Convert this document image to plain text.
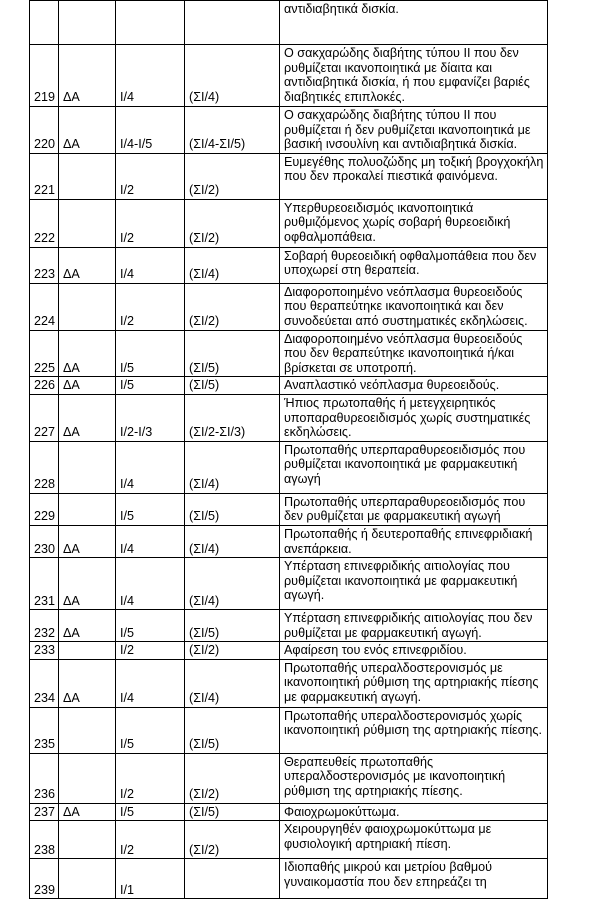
				αντιδιαβητικά δισκία.
219	ΔΑ	Ι/4	(ΣΙ/4)	Ο σακχαρώδης διαβήτης τύπου ΙΙ που δεν ρυθμίζεται ικανοποιητικά με δίαιτα και αντιδιαβητικά δισκία, ή που εμφανίζει βαριές διαβητικές επιπλοκές.
220	ΔΑ	Ι/4-Ι/5	(ΣΙ/4-ΣΙ/5)	Ο σακχαρώδης διαβήτης τύπου ΙΙ που ρυθμίζεται ή δεν ρυθμίζεται ικανοποιητικά με βασική ινσουλίνη και αντιδιαβητικά δισκία.
221		Ι/2	(ΣΙ/2)	Ευμεγέθης πολυοζώδης μη τοξική βρογχοκήλη που δεν προκαλεί πιεστικά φαινόμενα.
222		Ι/2	(ΣΙ/2)	Υπερθυρεοειδισμός ικανοποιητικά ρυθμιζόμενος χωρίς σοβαρή θυρεοειδική οφθαλμοπάθεια.
223	ΔΑ	Ι/4	(ΣΙ/4)	Σοβαρή θυρεοειδική οφθαλμοπάθεια που δεν υποχωρεί στη θεραπεία.
224		Ι/2	(ΣΙ/2)	Διαφοροποιημένο νεόπλασμα θυρεοειδούς που θεραπεύτηκε ικανοποιητικά και δεν συνοδεύεται από συστηματικές εκδηλώσεις.
225	ΔΑ	Ι/5	(ΣΙ/5)	Διαφοροποιημένο νεόπλασμα θυρεοειδούς που δεν θεραπεύτηκε ικανοποιητικά ή/και βρίσκεται σε υποτροπή.
226	ΔΑ	Ι/5	(ΣΙ/5)	Αναπλαστικό νεόπλασμα θυρεοειδούς.
227	ΔΑ	Ι/2-Ι/3	(ΣΙ/2-ΣΙ/3)	Ήπιος πρωτοπαθής ή μετεγχειρητικός υποπαραθυρεοειδισμός χωρίς συστηματικές εκδηλώσεις.
228		Ι/4	(ΣΙ/4)	Πρωτοπαθής υπερπαραθυρεοειδισμός που ρυθμίζεται ικανοποιητικά με φαρμακευτική αγωγή
229		Ι/5	(ΣΙ/5)	Πρωτοπαθής υπερπαραθυρεοειδισμός που δεν ρυθμίζεται με φαρμακευτική αγωγή
230	ΔΑ	Ι/4	(ΣΙ/4)	Πρωτοπαθής ή δευτεροπαθής επινεφριδιακή ανεπάρκεια.
231	ΔΑ	Ι/4	(ΣΙ/4)	Υπέρταση επινεφριδικής αιτιολογίας που ρυθμίζεται ικανοποιητικά με φαρμακευτική αγωγή.
232	ΔΑ	Ι/5	(ΣΙ/5)	Υπέρταση επινεφριδικής αιτιολογίας που δεν ρυθμίζεται με φαρμακευτική αγωγή.
233		Ι/2	(ΣΙ/2)	Αφαίρεση του ενός επινεφριδίου.
234	ΔΑ	Ι/4	(ΣΙ/4)	Πρωτοπαθής υπεραλδοστερονισμός με ικανοποιητική ρύθμιση της αρτηριακής πίεσης με φαρμακευτική αγωγή.
235		Ι/5	(ΣΙ/5)	Πρωτοπαθής υπεραλδοστερονισμός χωρίς ικανοποιητική ρύθμιση της αρτηριακής πίεσης.
236		Ι/2	(ΣΙ/2)	Θεραπευθείς πρωτοπαθής υπεραλδοστερονισμός με ικανοποιητική ρύθμιση της αρτηριακής πίεσης.
237	ΔΑ	Ι/5	(ΣΙ/5)	Φαιοχρωμοκύττωμα.
238		Ι/2	(ΣΙ/2)	Χειρουργηθέν φαιοχρωμοκύττωμα με φυσιολογική αρτηριακή πίεση.
239		Ι/1		Ιδιοπαθής μικρού και μετρίου βαθμού γυναικομαστία που δεν επηρεάζει τη
